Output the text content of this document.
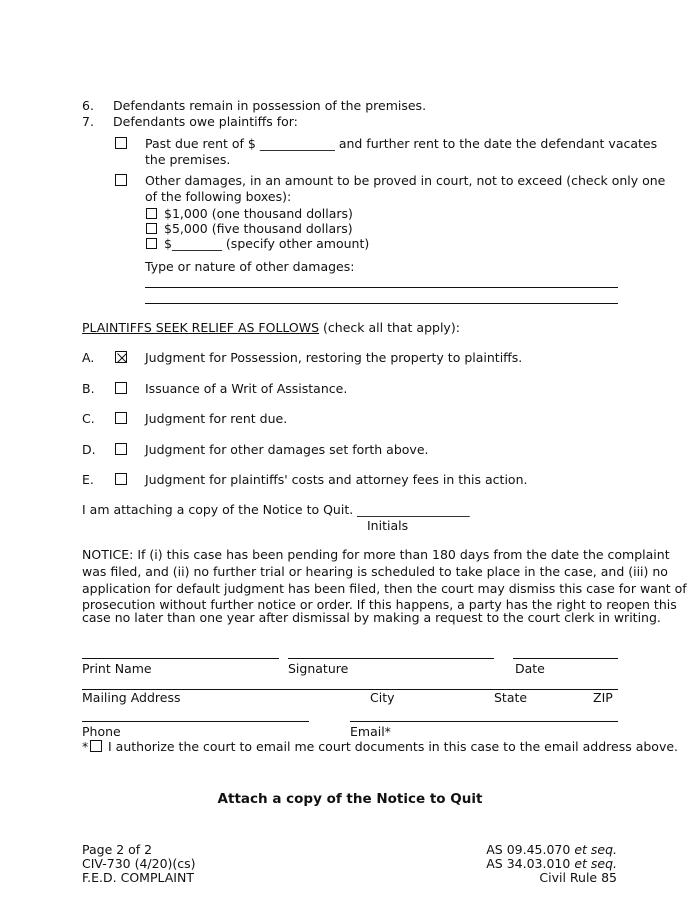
6. Defendants remain in possession of the premises.
7. Defendants owe plaintiffs for:
Past due rent of $ ____________ and further rent to the date the defendant vacates
the premises.
Other damages, in an amount to be proved in court, not to exceed (check only one
of the following boxes):
$1,000 (one thousand dollars)
$5,000 (five thousand dollars)
$________ (specify other amount)
Type or nature of other damages:
PLAINTIFFS SEEK RELIEF AS FOLLOWS (check all that apply):
A.	Judgment for Possession, restoring the property to plaintiffs.
B.	Issuance of a Writ of Assistance.
C.	Judgment for rent due.
D.	Judgment for other damages set forth above.
E.	Judgment for plaintiffs' costs and attorney fees in this action.
I am attaching a copy of the Notice to Quit. __________________
Initials
NOTICE: If (i) this case has been pending for more than 180 days from the date the complaint
was filed, and (ii) no further trial or hearing is scheduled to take place in the case, and (iii) no
application for default judgment has been filed, then the court may dismiss this case for want of
prosecution without further notice or order. If this happens, a party has the right to reopen this
case no later than one year after dismissal by making a request to the court clerk in writing.
Print Name	Signature	Date
Mailing Address	City	State	ZIP
Phone	Email*
* I authorize the court to email me court documents in this case to the email address above.
Attach a copy of the Notice to Quit
Page 2 of 2
CIV-730 (4/20)(cs)
F.E.D. COMPLAINT
AS 09.45.070 et seq.
AS 34.03.010 et seq.
Civil Rule 85
